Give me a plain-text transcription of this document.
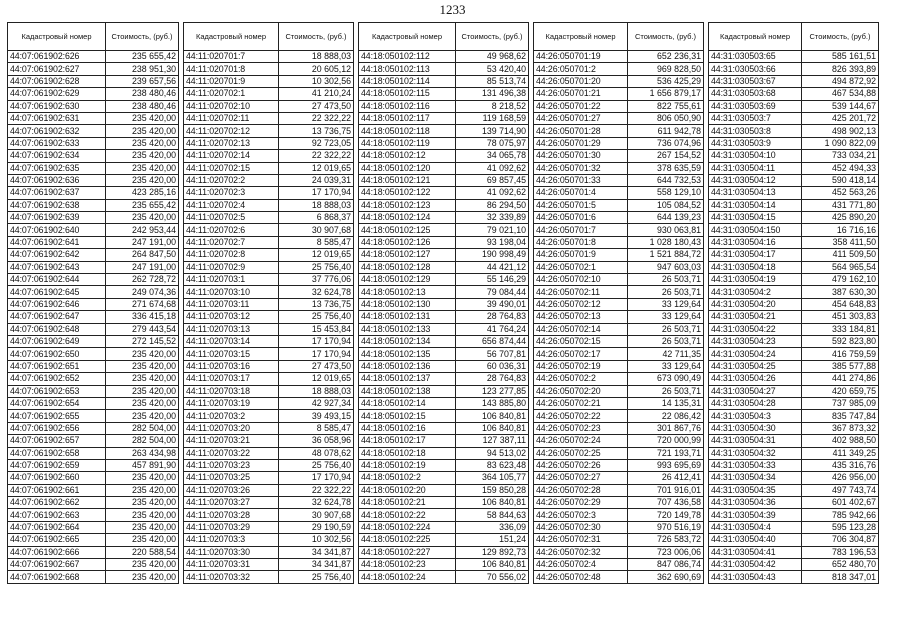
1233
Кадастровый номер	Стоимость, (руб.)
44:07:061902:626	235 655,42
44:07:061902:627	238 951,30
44:07:061902:628	239 657,56
44:07:061902:629	238 480,46
44:07:061902:630	238 480,46
44:07:061902:631	235 420,00
44:07:061902:632	235 420,00
44:07:061902:633	235 420,00
44:07:061902:634	235 420,00
44:07:061902:635	235 420,00
44:07:061902:636	235 420,00
44:07:061902:637	423 285,16
44:07:061902:638	235 655,42
44:07:061902:639	235 420,00
44:07:061902:640	242 953,44
44:07:061902:641	247 191,00
44:07:061902:642	264 847,50
44:07:061902:643	247 191,00
44:07:061902:644	262 728,72
44:07:061902:645	249 074,36
44:07:061902:646	271 674,68
44:07:061902:647	336 415,18
44:07:061902:648	279 443,54
44:07:061902:649	272 145,52
44:07:061902:650	235 420,00
44:07:061902:651	235 420,00
44:07:061902:652	235 420,00
44:07:061902:653	235 420,00
44:07:061902:654	235 420,00
44:07:061902:655	235 420,00
44:07:061902:656	282 504,00
44:07:061902:657	282 504,00
44:07:061902:658	263 434,98
44:07:061902:659	457 891,90
44:07:061902:660	235 420,00
44:07:061902:661	235 420,00
44:07:061902:662	235 420,00
44:07:061902:663	235 420,00
44:07:061902:664	235 420,00
44:07:061902:665	235 420,00
44:07:061902:666	220 588,54
44:07:061902:667	235 420,00
44:07:061902:668	235 420,00
Кадастровый номер	Стоимость, (руб.)
44:11:020701:7	18 888,03
44:11:020701:8	20 605,12
44:11:020701:9	10 302,56
44:11:020702:1	41 210,24
44:11:020702:10	27 473,50
44:11:020702:11	22 322,22
44:11:020702:12	13 736,75
44:11:020702:13	92 723,05
44:11:020702:14	22 322,22
44:11:020702:15	12 019,65
44:11:020702:2	24 039,31
44:11:020702:3	17 170,94
44:11:020702:4	18 888,03
44:11:020702:5	6 868,37
44:11:020702:6	30 907,68
44:11:020702:7	8 585,47
44:11:020702:8	12 019,65
44:11:020702:9	25 756,40
44:11:020703:1	37 776,06
44:11:020703:10	32 624,78
44:11:020703:11	13 736,75
44:11:020703:12	25 756,40
44:11:020703:13	15 453,84
44:11:020703:14	17 170,94
44:11:020703:15	17 170,94
44:11:020703:16	27 473,50
44:11:020703:17	12 019,65
44:11:020703:18	18 888,03
44:11:020703:19	42 927,34
44:11:020703:2	39 493,15
44:11:020703:20	8 585,47
44:11:020703:21	36 058,96
44:11:020703:22	48 078,62
44:11:020703:23	25 756,40
44:11:020703:25	17 170,94
44:11:020703:26	22 322,22
44:11:020703:27	32 624,78
44:11:020703:28	30 907,68
44:11:020703:29	29 190,59
44:11:020703:3	10 302,56
44:11:020703:30	34 341,87
44:11:020703:31	34 341,87
44:11:020703:32	25 756,40
Кадастровый номер	Стоимость, (руб.)
44:18:050102:112	49 968,62
44:18:050102:113	53 420,40
44:18:050102:114	85 513,74
44:18:050102:115	131 496,38
44:18:050102:116	8 218,52
44:18:050102:117	119 168,59
44:18:050102:118	139 714,90
44:18:050102:119	78 075,97
44:18:050102:12	34 065,78
44:18:050102:120	41 092,62
44:18:050102:121	69 857,45
44:18:050102:122	41 092,62
44:18:050102:123	86 294,50
44:18:050102:124	32 339,89
44:18:050102:125	79 021,10
44:18:050102:126	93 198,04
44:18:050102:127	190 998,49
44:18:050102:128	44 421,12
44:18:050102:129	55 146,29
44:18:050102:13	79 084,44
44:18:050102:130	39 490,01
44:18:050102:131	28 764,83
44:18:050102:133	41 764,24
44:18:050102:134	656 874,44
44:18:050102:135	56 707,81
44:18:050102:136	60 036,31
44:18:050102:137	28 764,83
44:18:050102:138	123 277,85
44:18:050102:14	143 885,80
44:18:050102:15	106 840,81
44:18:050102:16	106 840,81
44:18:050102:17	127 387,11
44:18:050102:18	94 513,02
44:18:050102:19	83 623,48
44:18:050102:2	364 105,77
44:18:050102:20	159 850,28
44:18:050102:21	106 840,81
44:18:050102:22	58 844,63
44:18:050102:224	336,09
44:18:050102:225	151,24
44:18:050102:227	129 892,73
44:18:050102:23	106 840,81
44:18:050102:24	70 556,02
Кадастровый номер	Стоимость, (руб.)
44:26:050701:19	652 236,31
44:26:050701:2	969 828,50
44:26:050701:20	536 425,29
44:26:050701:21	1 656 879,17
44:26:050701:22	822 755,61
44:26:050701:27	806 050,90
44:26:050701:28	611 942,78
44:26:050701:29	736 074,96
44:26:050701:30	267 154,52
44:26:050701:32	378 635,59
44:26:050701:33	644 732,53
44:26:050701:4	558 129,10
44:26:050701:5	105 084,52
44:26:050701:6	644 139,23
44:26:050701:7	930 063,81
44:26:050701:8	1 028 180,43
44:26:050701:9	1 521 884,72
44:26:050702:1	947 603,03
44:26:050702:10	26 503,71
44:26:050702:11	26 503,71
44:26:050702:12	33 129,64
44:26:050702:13	33 129,64
44:26:050702:14	26 503,71
44:26:050702:15	26 503,71
44:26:050702:17	42 711,35
44:26:050702:19	33 129,64
44:26:050702:2	673 090,49
44:26:050702:20	26 503,71
44:26:050702:21	14 135,31
44:26:050702:22	22 086,42
44:26:050702:23	301 867,76
44:26:050702:24	720 000,99
44:26:050702:25	721 193,71
44:26:050702:26	993 695,69
44:26:050702:27	26 412,41
44:26:050702:28	701 916,01
44:26:050702:29	707 436,58
44:26:050702:3	720 149,78
44:26:050702:30	970 516,19
44:26:050702:31	726 583,72
44:26:050702:32	723 006,06
44:26:050702:4	847 086,74
44:26:050702:48	362 690,69
Кадастровый номер	Стоимость, (руб.)
44:31:030503:65	585 161,51
44:31:030503:66	826 393,89
44:31:030503:67	494 872,92
44:31:030503:68	467 534,88
44:31:030503:69	539 144,67
44:31:030503:7	425 201,72
44:31:030503:8	498 902,13
44:31:030503:9	1 090 822,09
44:31:030504:10	733 034,21
44:31:030504:11	452 494,33
44:31:030504:12	590 418,14
44:31:030504:13	452 563,26
44:31:030504:14	431 771,80
44:31:030504:15	425 890,20
44:31:030504:150	16 716,16
44:31:030504:16	358 411,50
44:31:030504:17	411 509,50
44:31:030504:18	564 965,54
44:31:030504:19	479 162,10
44:31:030504:2	387 630,30
44:31:030504:20	454 648,83
44:31:030504:21	451 303,83
44:31:030504:22	333 184,81
44:31:030504:23	592 823,80
44:31:030504:24	416 759,59
44:31:030504:25	385 577,88
44:31:030504:26	441 274,86
44:31:030504:27	420 659,75
44:31:030504:28	737 985,09
44:31:030504:3	835 747,84
44:31:030504:30	367 873,32
44:31:030504:31	402 988,50
44:31:030504:32	411 349,25
44:31:030504:33	435 316,76
44:31:030504:34	426 956,00
44:31:030504:35	497 743,74
44:31:030504:36	601 402,67
44:31:030504:39	785 942,66
44:31:030504:4	595 123,28
44:31:030504:40	706 304,87
44:31:030504:41	783 196,53
44:31:030504:42	652 480,70
44:31:030504:43	818 347,01
